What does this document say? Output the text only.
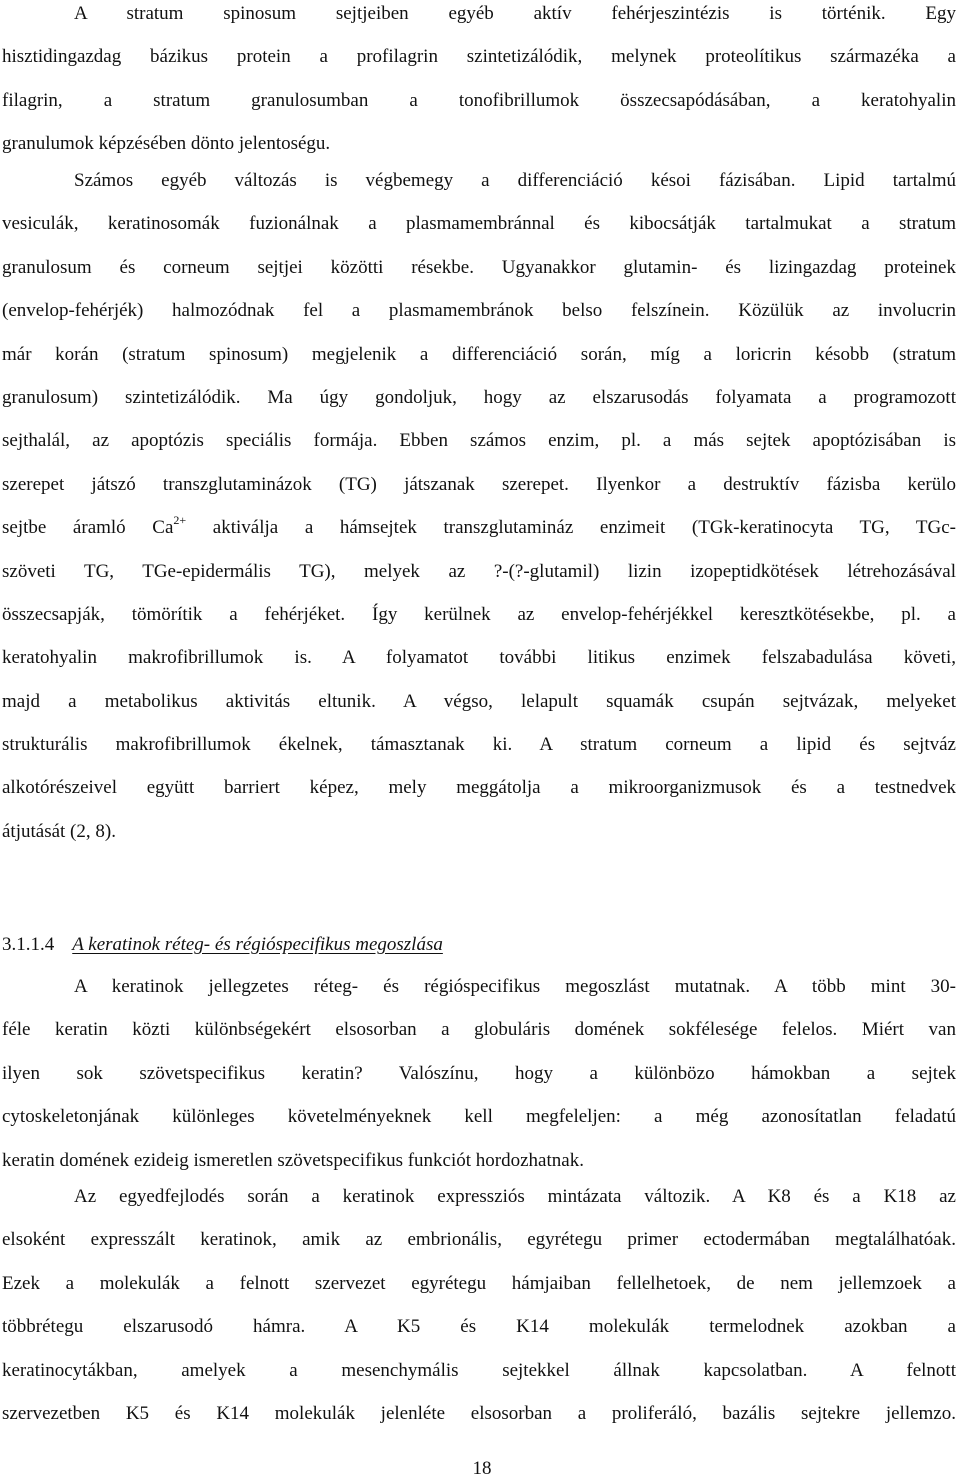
A stratum spinosum sejtjeiben egyéb aktív fehérjeszintézis is történik. Egy
hisztidingazdag bázikus protein a profilagrin szintetizálódik, melynek proteolítikus származéka a
filagrin, a stratum granulosumban a tonofibrillumok összecsapódásában, a keratohyalin
granulumok képzésében dönto jelentoségu.
Számos egyéb változás is végbemegy a differenciáció késoi fázisában. Lipid tartalmú
vesiculák, keratinosomák fuzionálnak a plasmamembránnal és kibocsátják tartalmukat a stratum
granulosum és corneum sejtjei közötti résekbe. Ugyanakkor glutamin- és lizingazdag proteinek
(envelop-fehérjék) halmozódnak fel a plasmamembránok belso felszínein. Közülük az involucrin
már korán (stratum spinosum) megjelenik a differenciáció során, míg a loricrin késobb (stratum
granulosum) szintetizálódik. Ma úgy gondoljuk, hogy az elszarusodás folyamata a programozott
sejthalál, az apoptózis speciális formája. Ebben számos enzim, pl. a más sejtek apoptózisában is
szerepet játszó transzglutaminázok (TG) játszanak szerepet. Ilyenkor a destruktív fázisba kerülo
sejtbe áramló $Ca^{2+}$ aktiválja a hámsejtek transzglutamináz enzimeit (TGk-keratinocyta TG, TGc-
szöveti TG, TGe-epidermális TG), melyek az ?-(?-glutamil) lizin izopeptidkötések létrehozásával
összecsapják, tömörítik a fehérjéket. Így kerülnek az envelop-fehérjékkel keresztkötésekbe, pl. a
keratohyalin makrofibrillumok is. A folyamatot további litikus enzimek felszabadulása követi,
majd a metabolikus aktivitás eltunik. A végso, lelapult squamák csupán sejtvázak, melyeket
strukturális makrofibrillumok ékelnek, támasztanak ki. A stratum corneum a lipid és sejtváz
alkotórészeivel együtt barriert képez, mely meggátolja a mikroorganizmusok és a testnedvek
átjutását (2, 8).
3.1.1.4 A keratinok réteg- és régióspecifikus megoszlása
A keratinok jellegzetes réteg- és régióspecifikus megoszlást mutatnak. A több mint 30-
féle keratin közti különbségekért elsosorban a globuláris domének sokfélesége felelos. Miért van
ilyen sok szövetspecifikus keratin? Valószínu, hogy a különbözo hámokban a sejtek
cytoskeletonjának különleges követelményeknek kell megfeleljen: a még azonosítatlan feladatú
keratin domének ezideig ismeretlen szövetspecifikus funkciót hordozhatnak.
Az egyedfejlodés során a keratinok expressziós mintázata változik. A K8 és a K18 az
elsoként expresszált keratinok, amik az embrionális, egyrétegu primer ectodermában megtalálhatóak.
Ezek a molekulák a felnott szervezet egyrétegu hámjaiban fellelhetoek, de nem jellemzoek a
többrétegu elszarusodó hámra. A K5 és K14 molekulák termelodnek azokban a
keratinocytákban, amelyek a mesenchymális sejtekkel állnak kapcsolatban. A felnott
szervezetben K5 és K14 molekulák jelenléte elsosorban a proliferáló, bazális sejtekre jellemzo.
18
